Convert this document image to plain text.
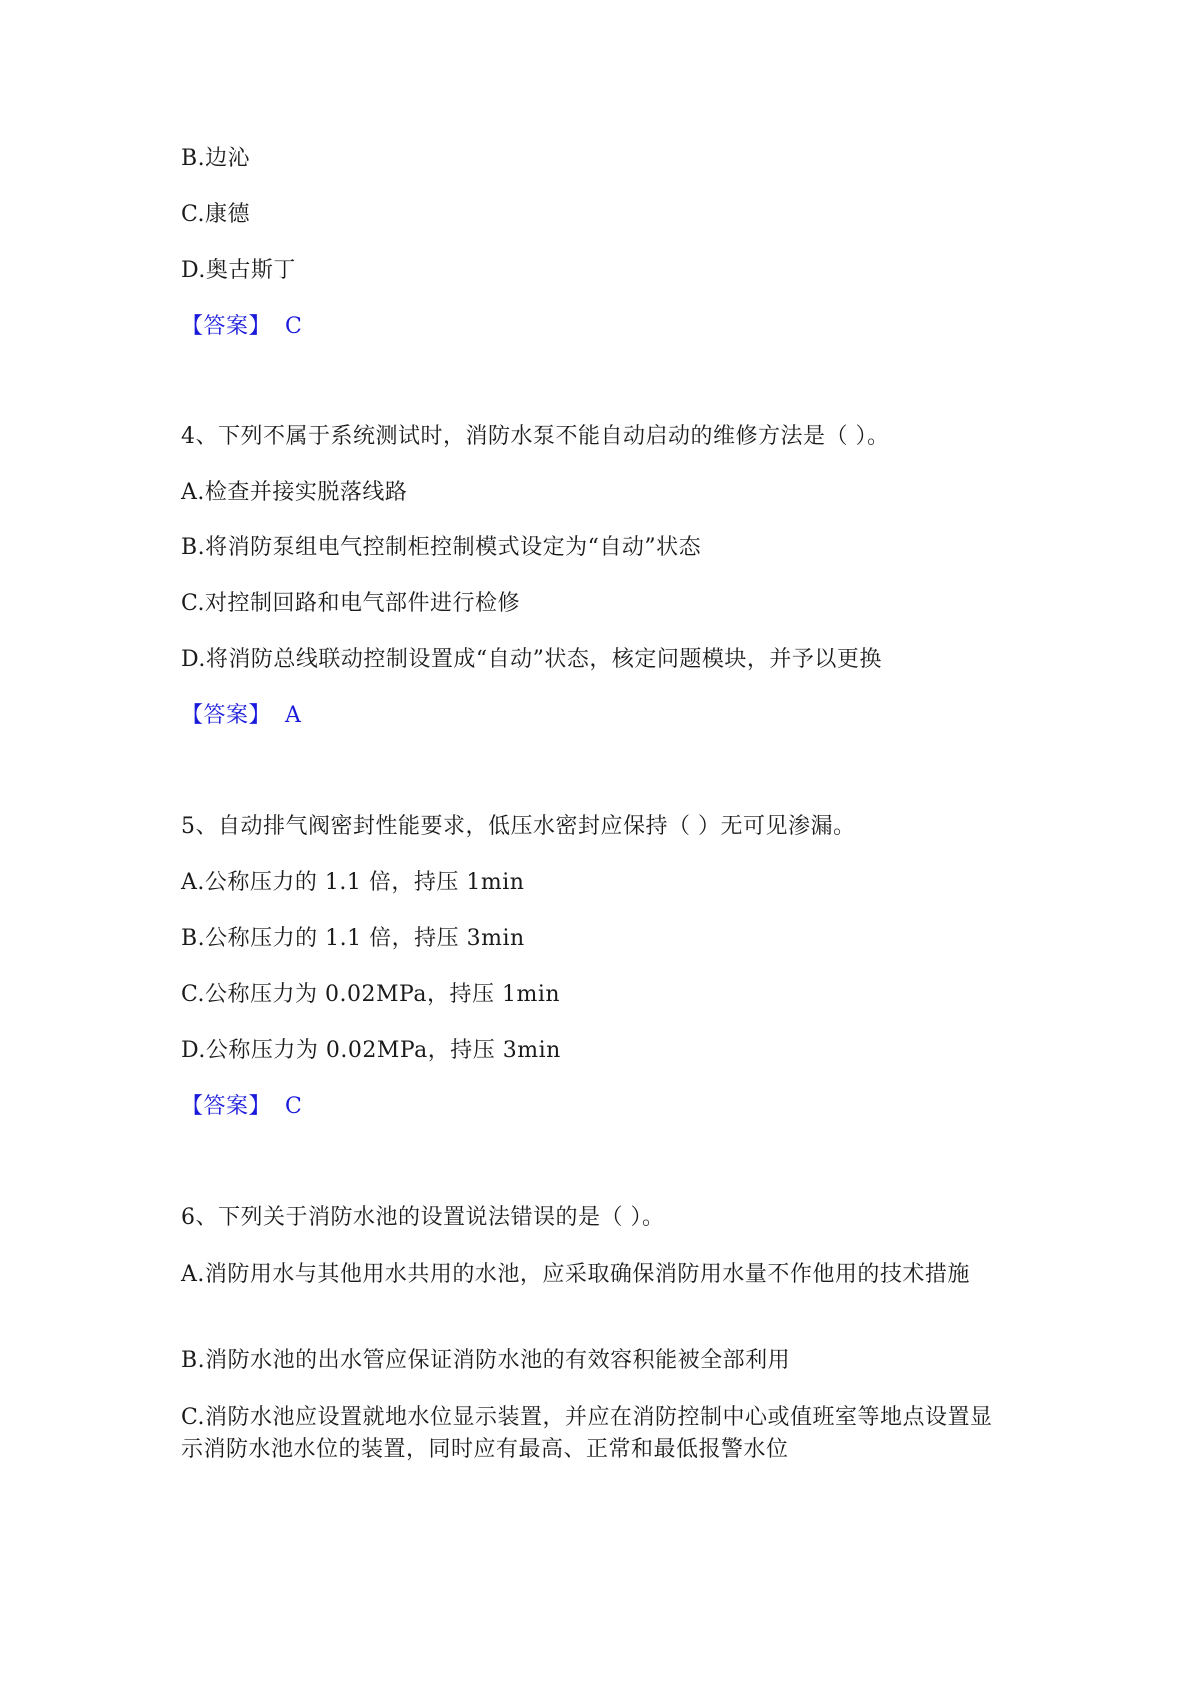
B.边沁
C.康德
D.奥古斯丁
【答案】 C
4、下列不属于系统测试时，消防水泵不能自动启动的维修方法是（ ）。
A.检查并接实脱落线路
B.将消防泵组电气控制柜控制模式设定为“自动”状态
C.对控制回路和电气部件进行检修
D.将消防总线联动控制设置成“自动”状态，核定问题模块，并予以更换
【答案】 A
5、自动排气阀密封性能要求，低压水密封应保持（ ）无可见渗漏。
A.公称压力的 1.1 倍，持压 1min
B.公称压力的 1.1 倍，持压 3min
C.公称压力为 0.02MPa，持压 1min
D.公称压力为 0.02MPa，持压 3min
【答案】 C
6、下列关于消防水池的设置说法错误的是（ ）。
A.消防用水与其他用水共用的水池，应采取确保消防用水量不作他用的技术措施
B.消防水池的出水管应保证消防水池的有效容积能被全部利用
C.消防水池应设置就地水位显示装置，并应在消防控制中心或值班室等地点设置显示消防水池水位的装置，同时应有最高、正常和最低报警水位
